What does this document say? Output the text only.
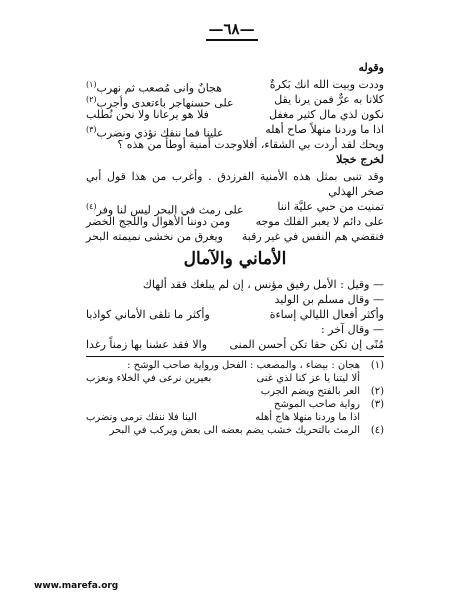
—٦٨—
وقوله
وددت وبيت الله انك بَكرةٌ
هجانٌ وانی مُصعب ثم نهرب$^{(١)}$
كلانا به عرٌّ فمن يرنا يقل
على حسنهاجر باءتعدى وأجرب$^{(٢)}$
نكون لذي مال كثير مغفل
فلا هو يرعانا ولا نحن نُطلب
اذا ما وردنا منهلاً صاح أهله
علينا فما ننفك نؤذي ونضرب$^{(٣)}$
ويحك لقد أردت بي الشقاء، أفلاوجدت أمنية أوطأ من هذه ؟
لخرج خجلا
وقد تنبى بمثل هذه الأمنية الفرزدق . وأغرب من هذا قول أبي صخر الهذلي
تمنيت من حبي عليَّة اننا
على رمث في البحر ليس لنا وفر$^{(٤)}$
على دائم لا يعبر الفلك موجه
ومن دوننا الأهوال واللجج الخضر
فنقضي هم النفس في غير رقبة
ويغرق من نخشى نميمته البحر
الأماني والآمال
— وقيل : الأمل رفيق مؤنس ، إن لم يبلغك فقد ألهاك
— وقال مسلم بن الوليد
وأكثر أفعال الليالي إساءة
وأكثر ما تلقى الأماني كواذبا
— وقال آخر :
مُنًى إن تكن حقا تكن أحسن المنى
والا فقد عشنا بها زمناً رغدا
(١)
هجان : بيضاء ، والمصعب : الفحل ورواية صاحب الوشح :
ألا ليتنا يا عز كنا لذي غنى
بعيرين نرعى في الخلاء ونعزب
(٢)
العر بالفتح ويضم الجرب
(٣)
رواية صاحب الموشح
اذا ما وردنا منهلا هاج أهله
الينا فلا ننفك نرمى ونضرب
(٤)
الرمث بالتحريك خشب يضم بعضه الى بعض ويركب في البحر
www.marefa.org
